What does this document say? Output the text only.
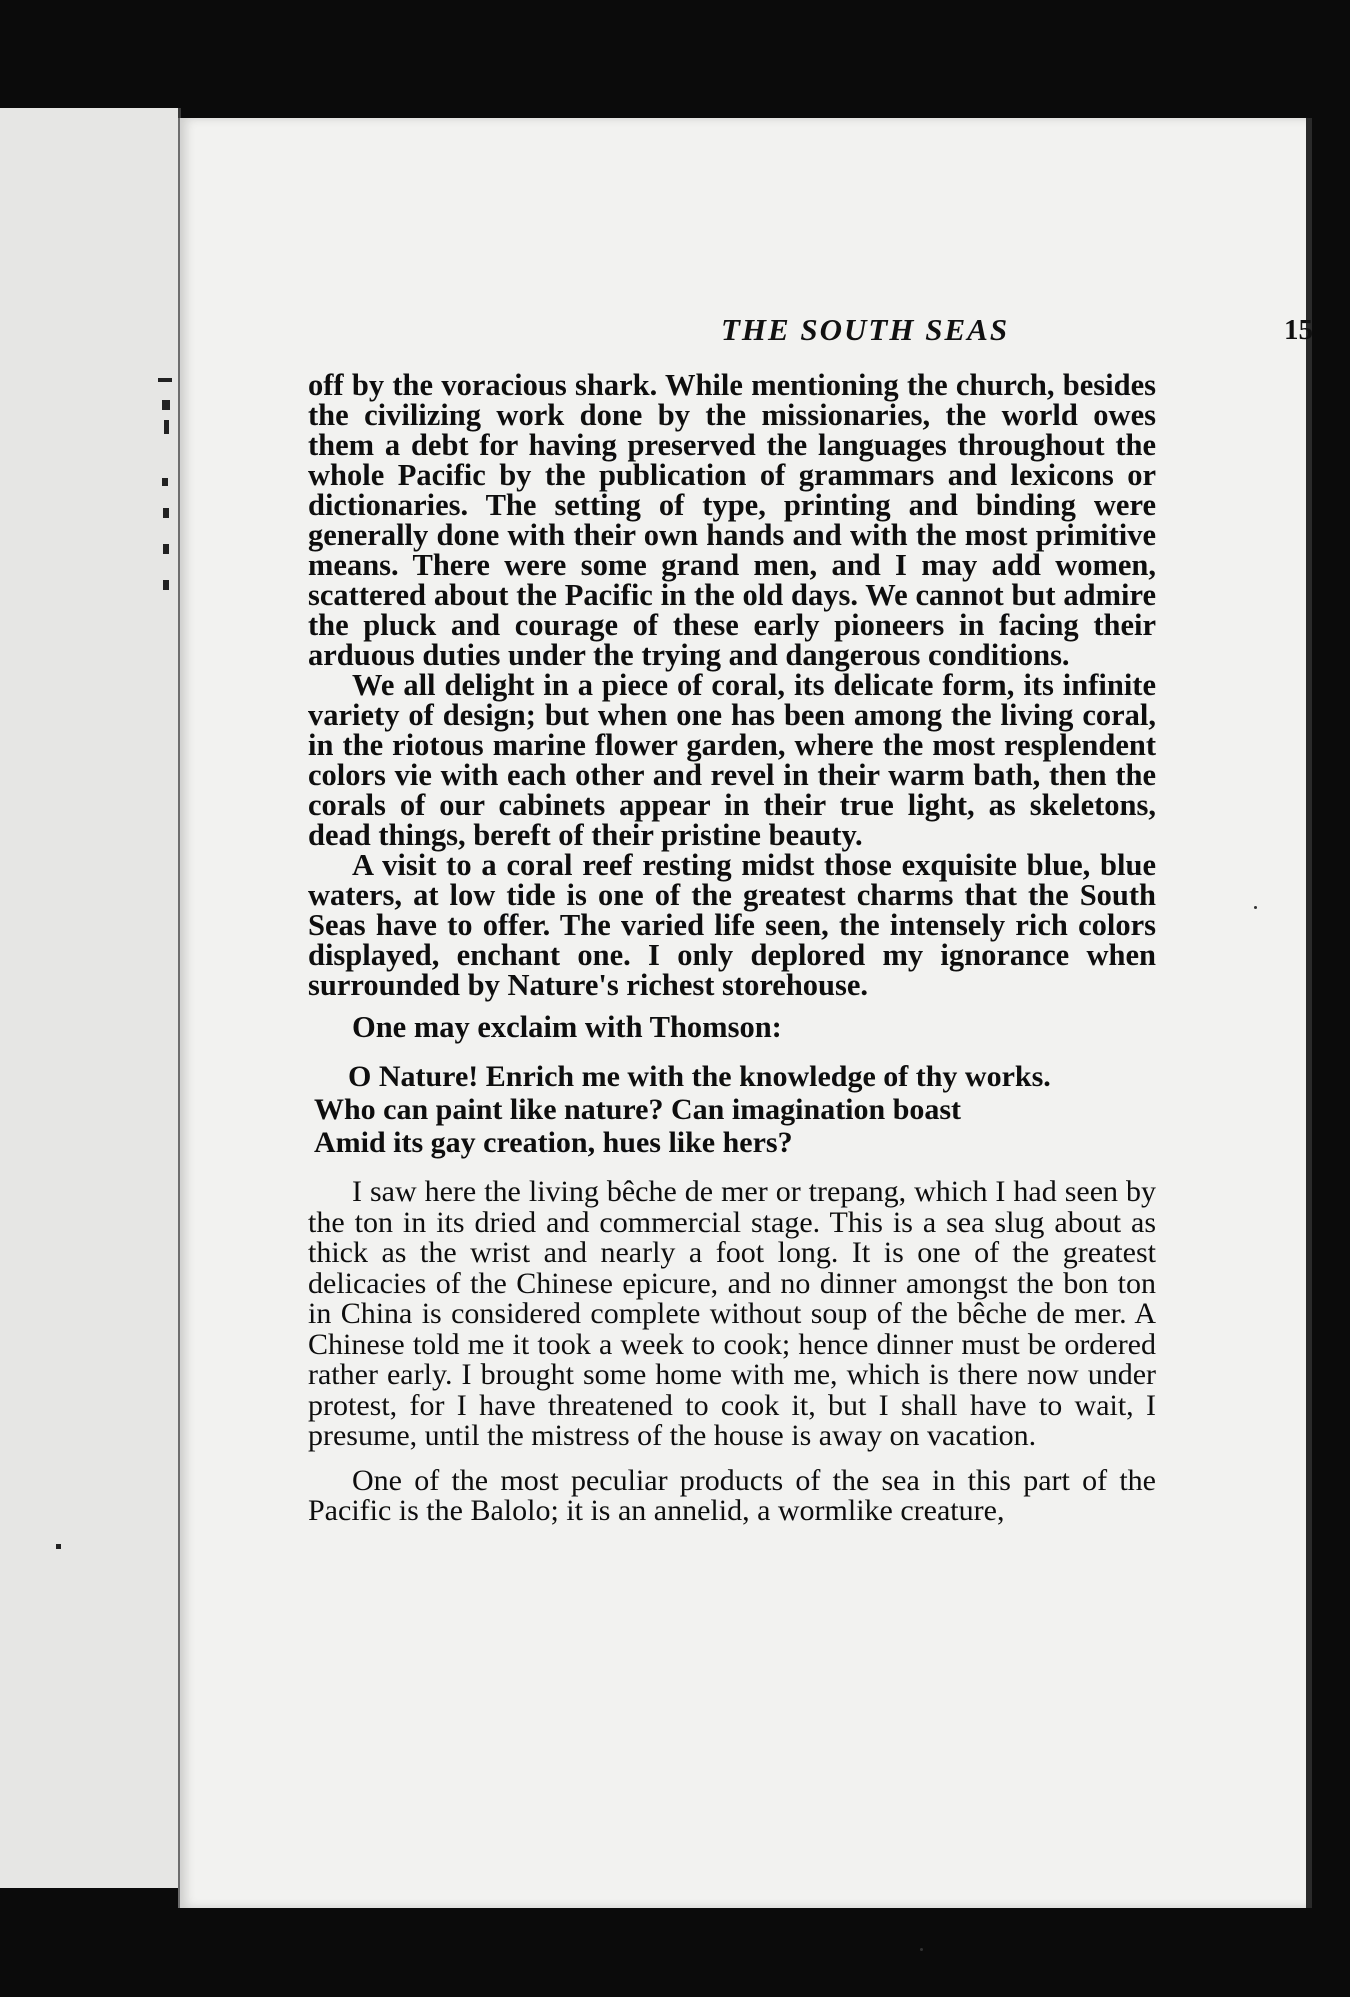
THE SOUTH SEAS	15

off by the voracious shark. While mentioning the church, besides the civilizing work done by the missionaries, the world owes them a debt for having preserved the languages throughout the whole Pacific by the publication of grammars and lexicons or dictionaries. The setting of type, printing and binding were generally done with their own hands and with the most primitive means. There were some grand men, and I may add women, scattered about the Pacific in the old days. We cannot but admire the pluck and courage of these early pioneers in facing their arduous duties under the trying and dangerous conditions.

We all delight in a piece of coral, its delicate form, its infinite variety of design; but when one has been among the living coral, in the riotous marine flower garden, where the most resplendent colors vie with each other and revel in their warm bath, then the corals of our cabinets appear in their true light, as skeletons, dead things, bereft of their pristine beauty.

A visit to a coral reef resting midst those exquisite blue, blue waters, at low tide is one of the greatest charms that the South Seas have to offer. The varied life seen, the intensely rich colors displayed, enchant one. I only deplored my ignorance when surrounded by Nature's richest storehouse.

One may exclaim with Thomson:

O Nature! Enrich me with the knowledge of thy works.
Who can paint like nature? Can imagination boast
Amid its gay creation, hues like hers?

I saw here the living bêche de mer or trepang, which I had seen by the ton in its dried and commercial stage. This is a sea slug about as thick as the wrist and nearly a foot long. It is one of the greatest delicacies of the Chinese epicure, and no dinner amongst the bon ton in China is considered complete without soup of the bêche de mer. A Chinese told me it took a week to cook; hence dinner must be ordered rather early. I brought some home with me, which is there now under protest, for I have threatened to cook it, but I shall have to wait, I presume, until the mistress of the house is away on vacation.

One of the most peculiar products of the sea in this part of the Pacific is the Balolo; it is an annelid, a wormlike creature,
